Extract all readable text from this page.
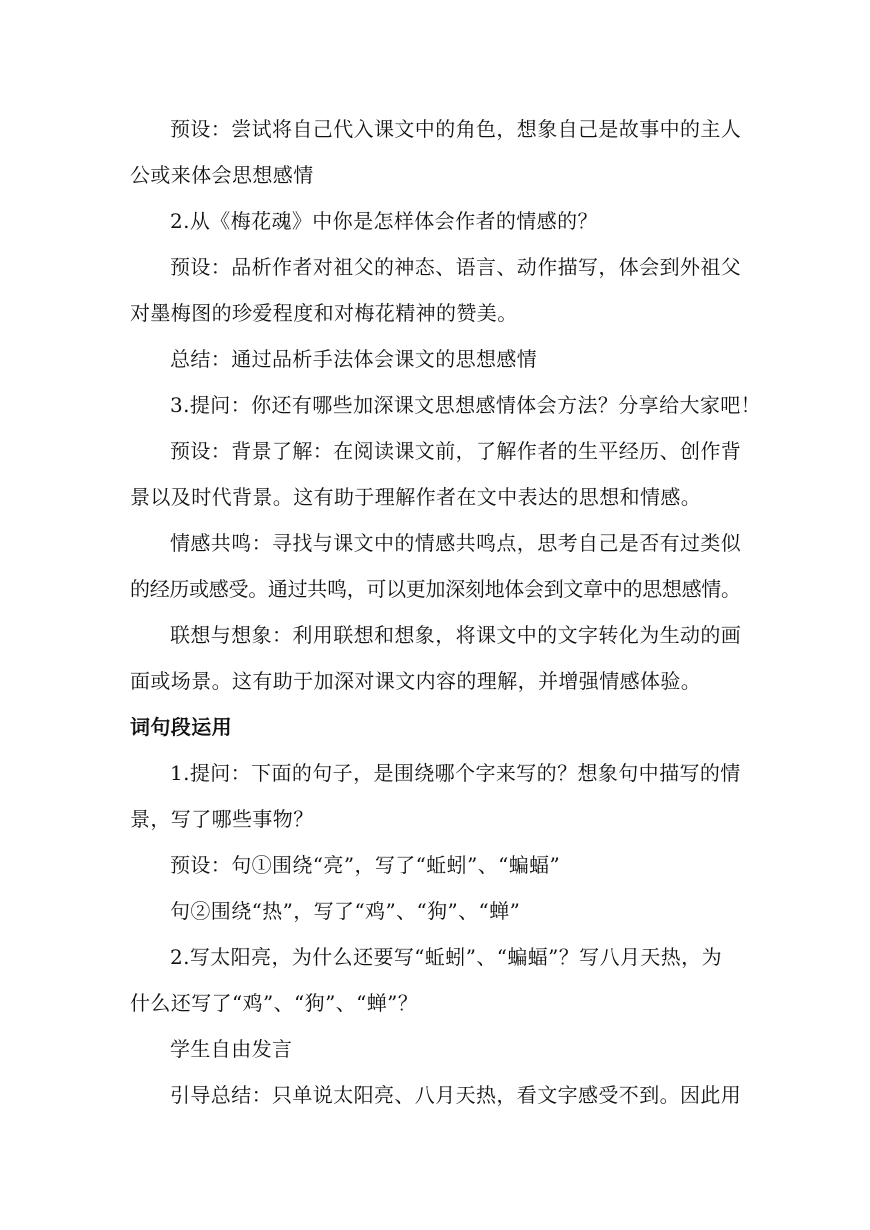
预设：尝试将自己代入课文中的角色，想象自己是故事中的主人
公或来体会思想感情
2.从《梅花魂》中你是怎样体会作者的情感的？
预设：品析作者对祖父的神态、语言、动作描写，体会到外祖父
对墨梅图的珍爱程度和对梅花精神的赞美。
总结：通过品析手法体会课文的思想感情
3.提问：你还有哪些加深课文思想感情体会方法？分享给大家吧！
预设：背景了解：在阅读课文前，了解作者的生平经历、创作背
景以及时代背景。这有助于理解作者在文中表达的思想和情感。
情感共鸣：寻找与课文中的情感共鸣点，思考自己是否有过类似
的经历或感受。通过共鸣，可以更加深刻地体会到文章中的思想感情。
联想与想象：利用联想和想象，将课文中的文字转化为生动的画
面或场景。这有助于加深对课文内容的理解，并增强情感体验。
词句段运用
1.提问：下面的句子，是围绕哪个字来写的？想象句中描写的情
景，写了哪些事物？
预设：句①围绕“亮”，写了“蚯蚓”、“蝙蝠”
句②围绕“热”，写了“鸡”、“狗”、“蝉”
2.写太阳亮，为什么还要写“蚯蚓”、“蝙蝠”？写八月天热，为
什么还写了“鸡”、“狗”、“蝉”？
学生自由发言
引导总结：只单说太阳亮、八月天热，看文字感受不到。因此用
